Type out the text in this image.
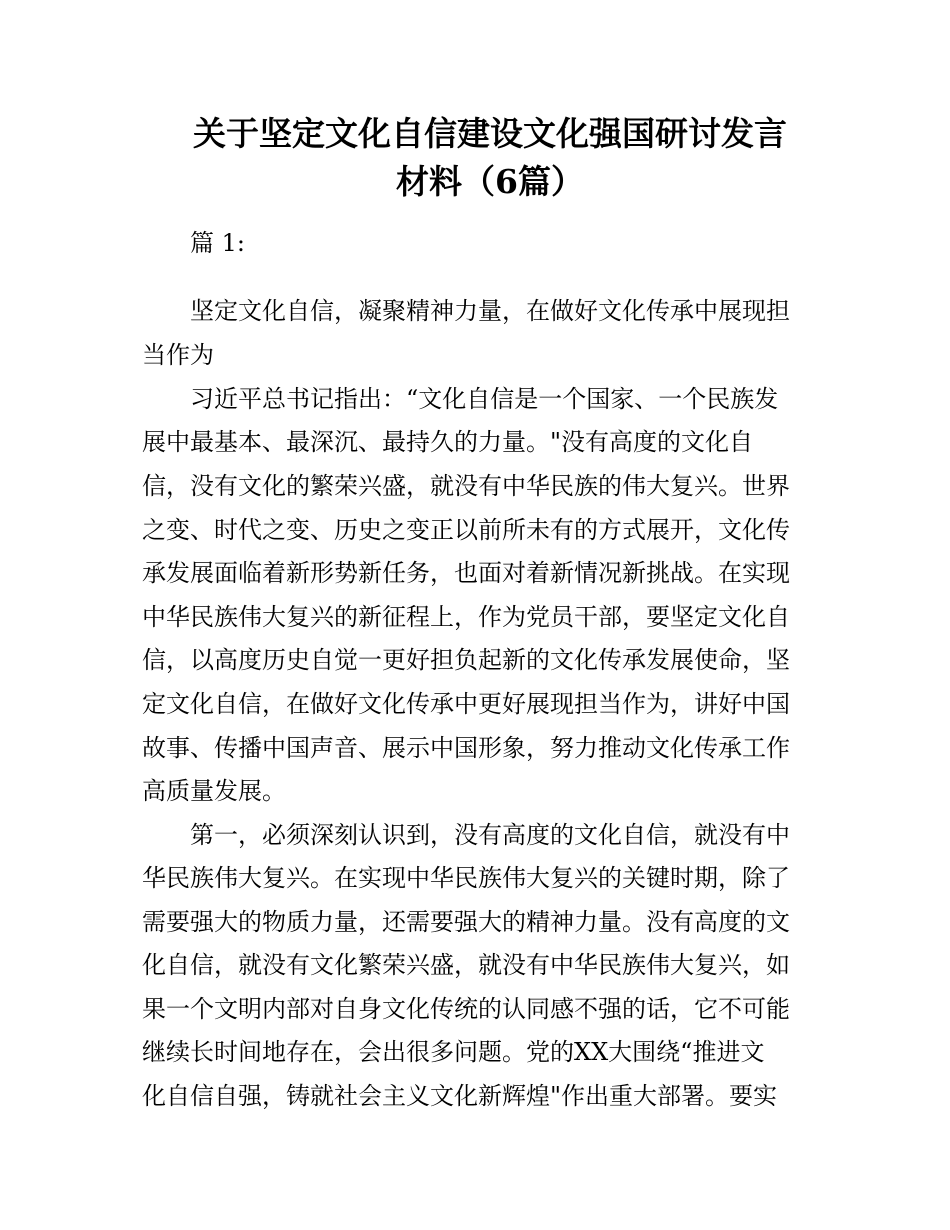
关于坚定文化自信建设文化强国研讨发言
材料（6篇）

篇 1:

坚定文化自信，凝聚精神力量，在做好文化传承中展现担

当作为

习近平总书记指出：“文化自信是一个国家、一个民族发

展中最基本、最深沉、最持久的力量。"没有高度的文化自

信，没有文化的繁荣兴盛，就没有中华民族的伟大复兴。世界

之变、时代之变、历史之变正以前所未有的方式展开，文化传

承发展面临着新形势新任务，也面对着新情况新挑战。在实现

中华民族伟大复兴的新征程上，作为党员干部，要坚定文化自

信，以高度历史自觉一更好担负起新的文化传承发展使命，坚

定文化自信，在做好文化传承中更好展现担当作为，讲好中国

故事、传播中国声音、展示中国形象，努力推动文化传承工作

高质量发展。

第一，必须深刻认识到，没有高度的文化自信，就没有中

华民族伟大复兴。在实现中华民族伟大复兴的关键时期，除了

需要强大的物质力量，还需要强大的精神力量。没有高度的文

化自信，就没有文化繁荣兴盛，就没有中华民族伟大复兴，如

果一个文明内部对自身文化传统的认同感不强的话，它不可能

继续长时间地存在，会出很多问题。党的XX大围绕“推进文

化自信自强，铸就社会主义文化新辉煌"作出重大部署。要实
